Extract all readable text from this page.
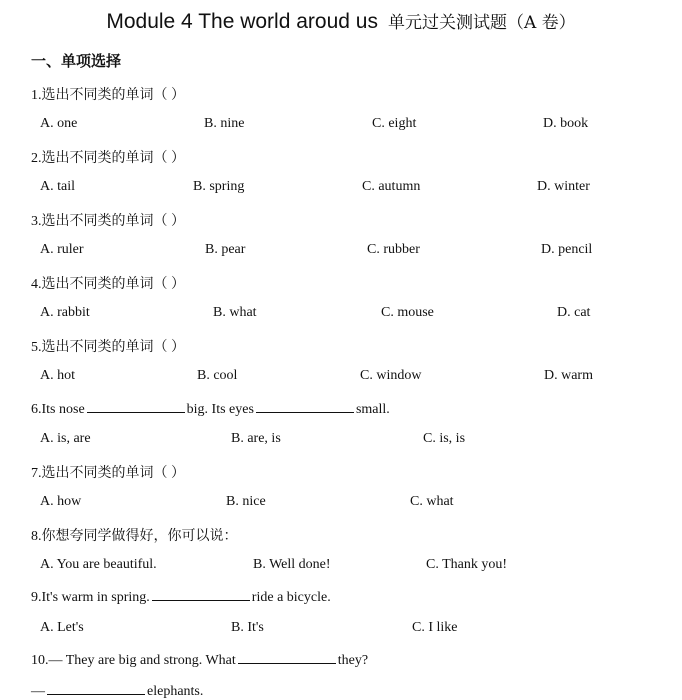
Module 4 The world aroud us 单元过关测试题（A 卷）
一、单项选择
1.选出不同类的单词（ ）
A. one	B. nine	C. eight	D. book
2.选出不同类的单词（ ）
A. tail	B. spring	C. autumn	D. winter
3.选出不同类的单词（ ）
A. ruler	B. pear	C. rubber	D. pencil
4.选出不同类的单词（ ）
A. rabbit	B. what	C. mouse	D. cat
5.选出不同类的单词（ ）
A. hot	B. cool	C. window	D. warm
6.Its nose	big. Its eyes	small.
A. is, are	B. are, is	C. is, is
7.选出不同类的单词（ ）
A. how	B. nice	C. what
8.你想夸同学做得好，你可以说：
A. You are beautiful.	B. Well done!	C. Thank you!
9.It's warm in spring.	ride a bicycle.
A. Let's	B. It's	C. I like
10.— They are big and strong. What	they?
—	elephants.
